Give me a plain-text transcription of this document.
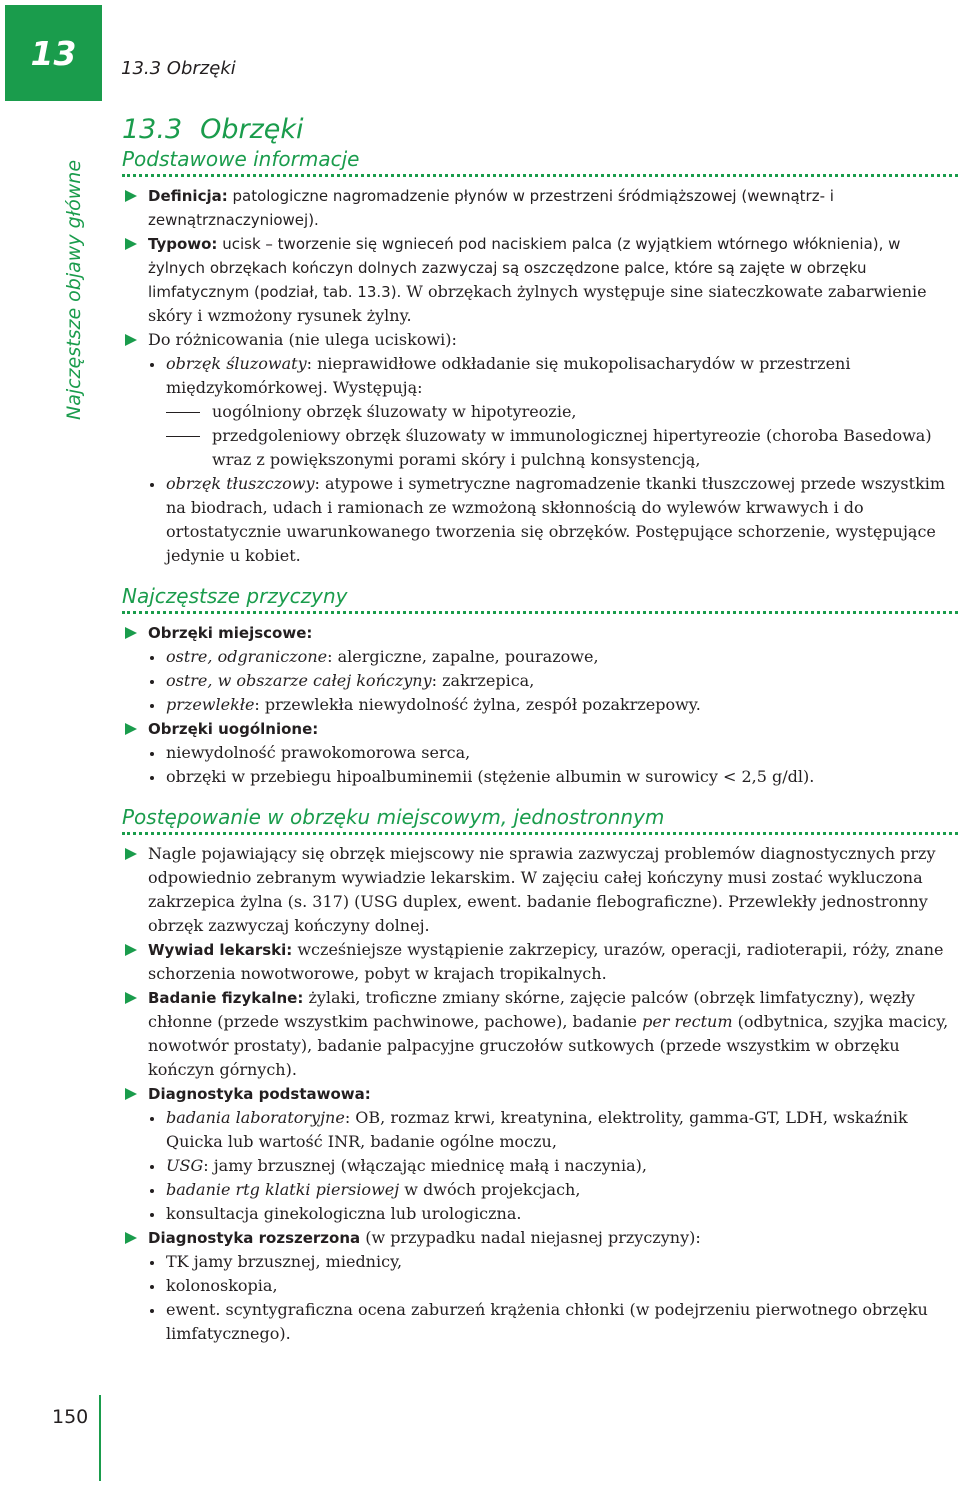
13	13.3 Obrzęki
Najczęstsze objawy główne
150
13.3 Obrzęki
Podstawowe informacje
Definicja: patologiczne nagromadzenie płynów w przestrzeni śródmiąższowej (wewnątrz- i zewnątrznaczyniowej).
Typowo: ucisk – tworzenie się wgnieceń pod naciskiem palca (z wyjątkiem wtórnego włóknienia), w żylnych obrzękach kończyn dolnych zazwyczaj są oszczędzone palce, które są zajęte w obrzęku limfatycznym (podział, tab. 13.3). W obrzękach żylnych występuje sine siateczkowate zabarwienie skóry i wzmożony rysunek żylny.
Do różnicowania (nie ulega uciskowi):
obrzęk śluzowaty: nieprawidłowe odkładanie się mukopolisacharydów w przestrzeni międzykomórkowej. Występują:
uogólniony obrzęk śluzowaty w hipotyreozie,
przedgoleniowy obrzęk śluzowaty w immunologicznej hipertyreozie (choroba Basedowa) wraz z powiększonymi porami skóry i pulchną konsystencją,
obrzęk tłuszczowy: atypowe i symetryczne nagromadzenie tkanki tłuszczowej przede wszystkim na biodrach, udach i ramionach ze wzmożoną skłonnością do wylewów krwawych i do ortostatycznie uwarunkowanego tworzenia się obrzęków. Postępujące schorzenie, występujące jedynie u kobiet.
Najczęstsze przyczyny
Obrzęki miejscowe:
ostre, odgraniczone: alergiczne, zapalne, pourazowe,
ostre, w obszarze całej kończyny: zakrzepica,
przewlekłe: przewlekła niewydolność żylna, zespół pozakrzepowy.
Obrzęki uogólnione:
niewydolność prawokomorowa serca,
obrzęki w przebiegu hipoalbuminemii (stężenie albumin w surowicy < 2,5 g/dl).
Postępowanie w obrzęku miejscowym, jednostronnym
Nagle pojawiający się obrzęk miejscowy nie sprawia zazwyczaj problemów diagnostycznych przy odpowiednio zebranym wywiadzie lekarskim. W zajęciu całej kończyny musi zostać wykluczona zakrzepica żylna (s. 317) (USG duplex, ewent. badanie flebograficzne). Przewlekły jednostronny obrzęk zazwyczaj kończyny dolnej.
Wywiad lekarski: wcześniejsze wystąpienie zakrzepicy, urazów, operacji, radioterapii, róży, znane schorzenia nowotworowe, pobyt w krajach tropikalnych.
Badanie fizykalne: żylaki, troficzne zmiany skórne, zajęcie palców (obrzęk limfatyczny), węzły chłonne (przede wszystkim pachwinowe, pachowe), badanie per rectum (odbytnica, szyjka macicy, nowotwór prostaty), badanie palpacyjne gruczołów sutkowych (przede wszystkim w obrzęku kończyn górnych).
Diagnostyka podstawowa:
badania laboratoryjne: OB, rozmaz krwi, kreatynina, elektrolity, gamma-GT, LDH, wskaźnik Quicka lub wartość INR, badanie ogólne moczu,
USG: jamy brzusznej (włączając miednicę małą i naczynia),
badanie rtg klatki piersiowej w dwóch projekcjach,
konsultacja ginekologiczna lub urologiczna.
Diagnostyka rozszerzona (w przypadku nadal niejasnej przyczyny):
TK jamy brzusznej, miednicy,
kolonoskopia,
ewent. scyntygraficzna ocena zaburzeń krążenia chłonki (w podejrzeniu pierwotnego obrzęku limfatycznego).
